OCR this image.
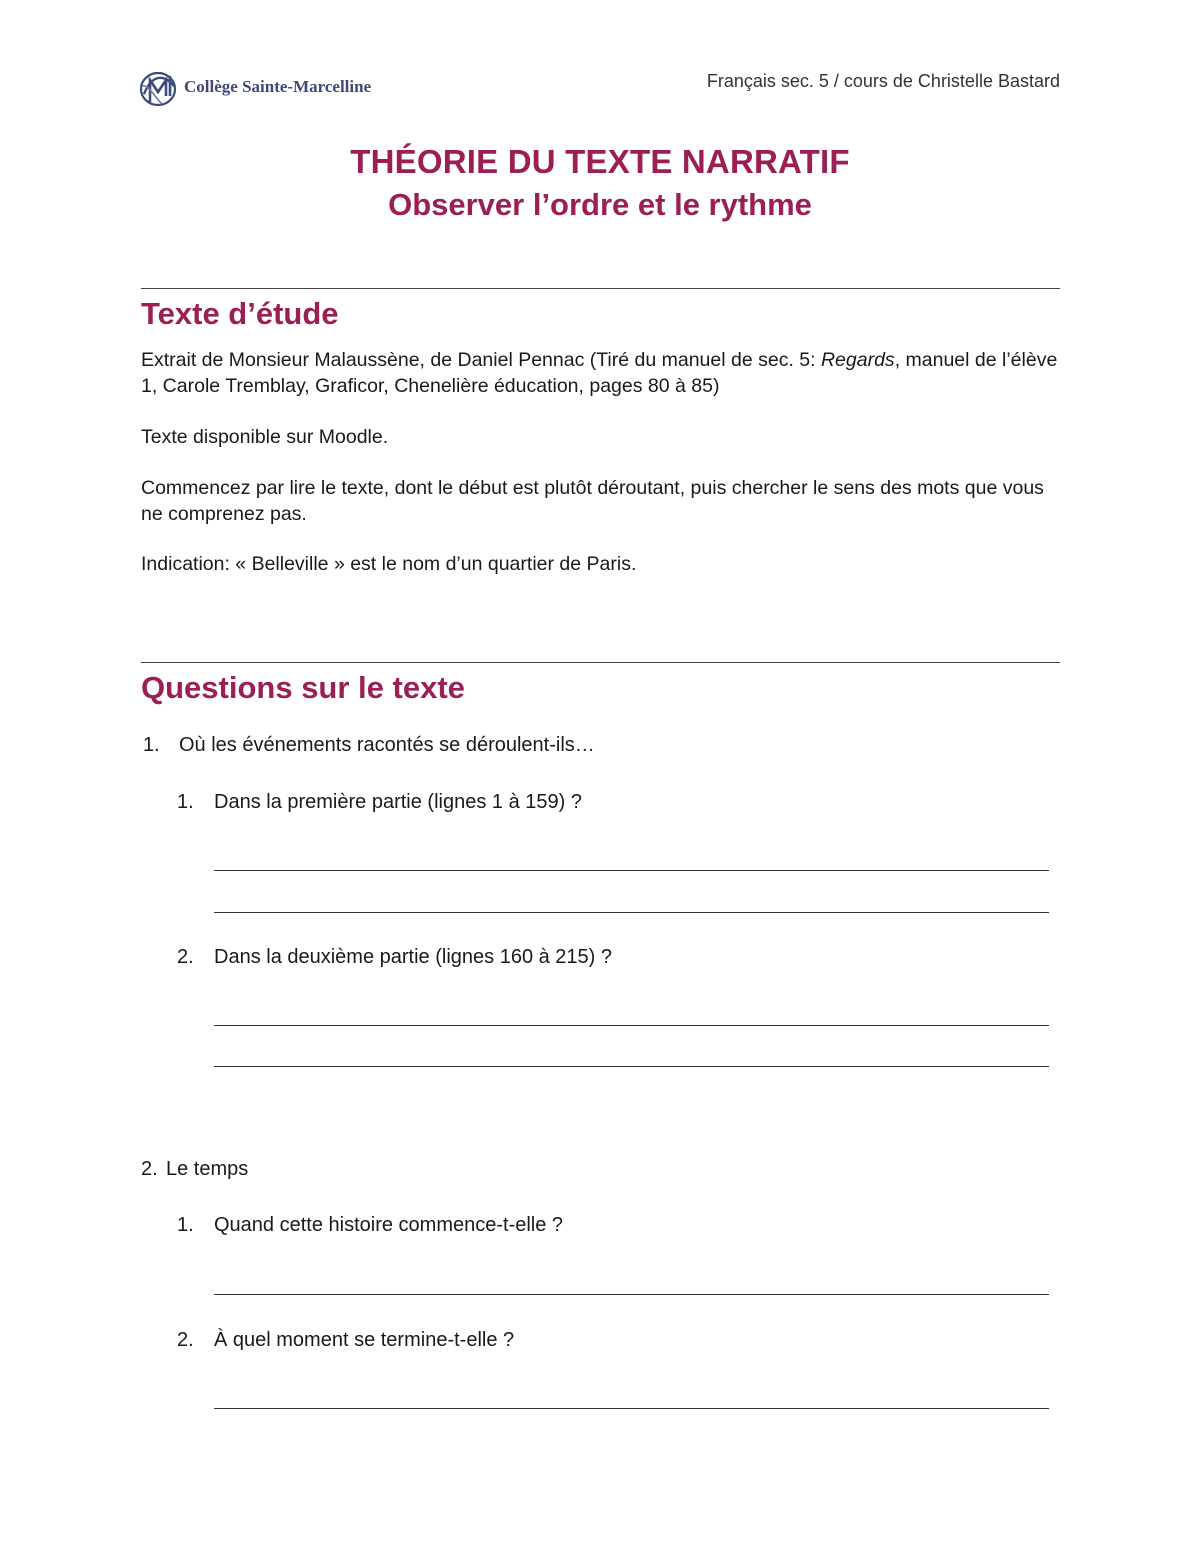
Collège Sainte-Marcelline	Français sec. 5 / cours de Christelle Bastard
THÉORIE DU TEXTE NARRATIF
Observer l’ordre et le rythme
Texte d’étude
Extrait de Monsieur Malaussène, de Daniel Pennac (Tiré du manuel de sec. 5: Regards, manuel de l’élève 1, Carole Tremblay, Graficor, Chenelière éducation, pages 80 à 85)
Texte disponible sur Moodle.
Commencez par lire le texte, dont le début est plutôt déroutant, puis chercher le sens des mots que vous ne comprenez pas.
Indication: « Belleville » est le nom d’un quartier de Paris.
Questions sur le texte
1. Où les événements racontés se déroulent-ils…
1. Dans la première partie (lignes 1 à 159) ?
2. Dans la deuxième partie (lignes 160 à 215) ?
2. Le temps
1. Quand cette histoire commence-t-elle ?
2. À quel moment se termine-t-elle ?
